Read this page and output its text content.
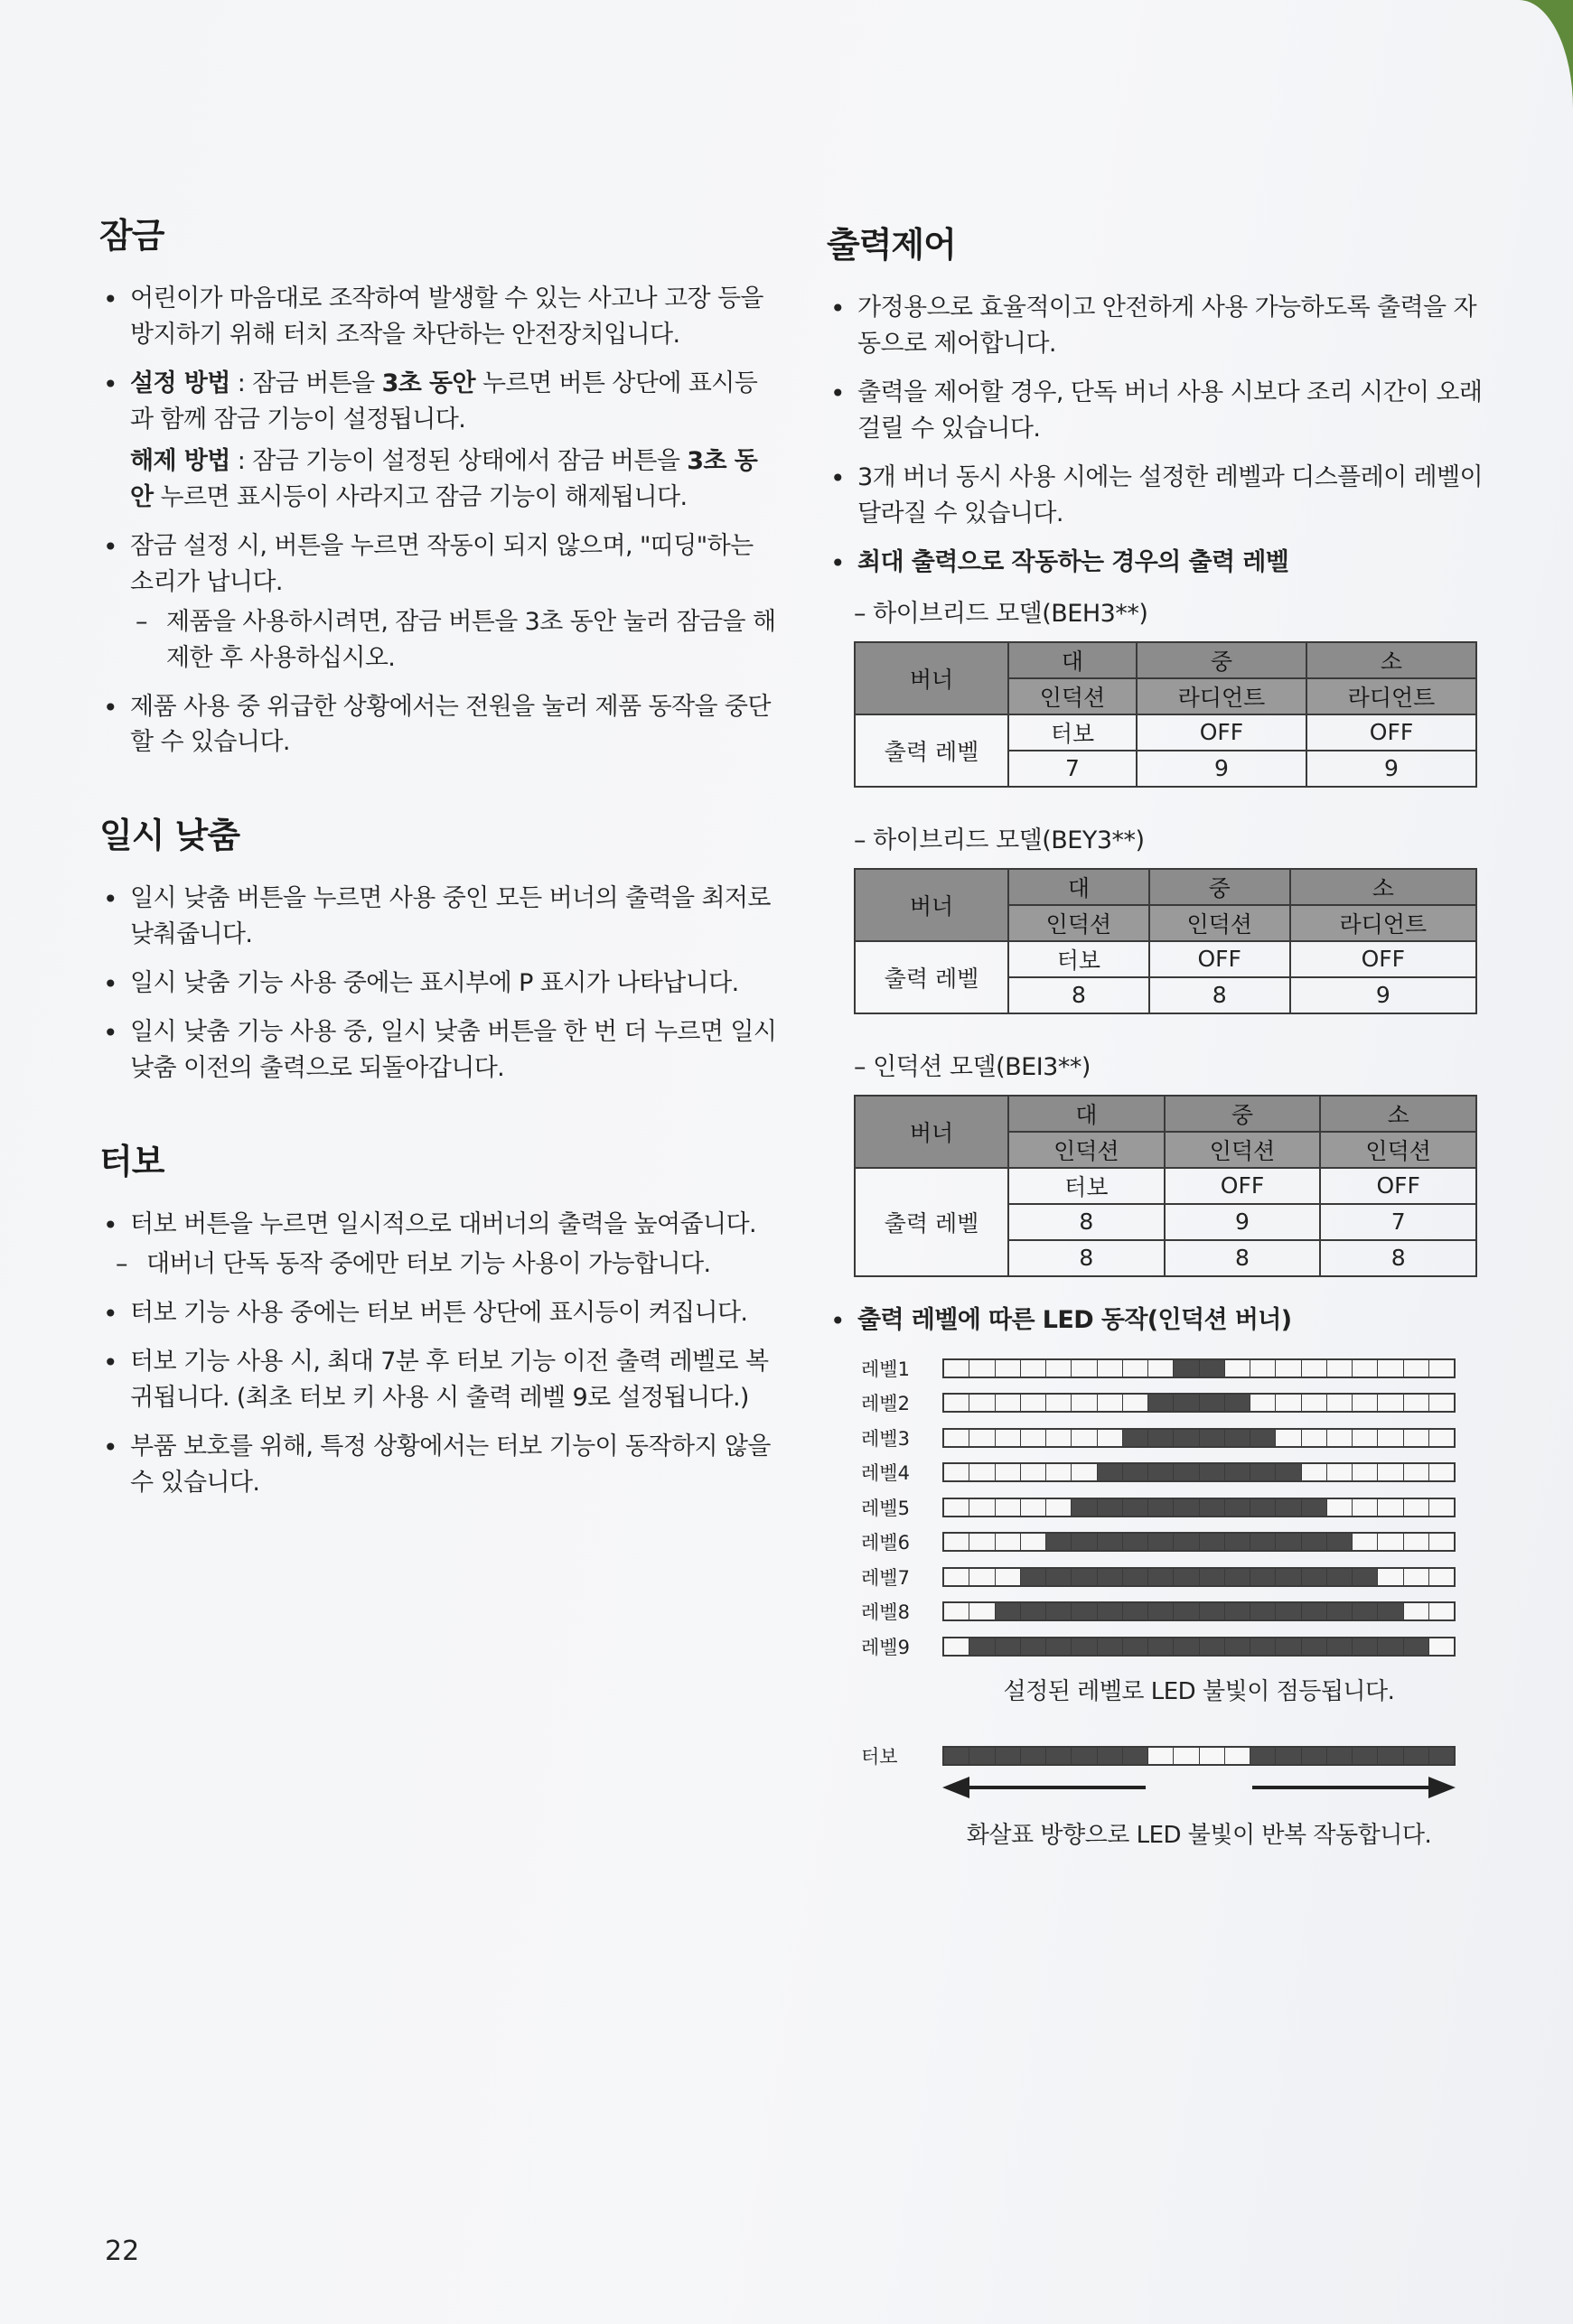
잠금
• 어린이가 마음대로 조작하여 발생할 수 있는 사고나 고장 등을 방지하기 위해 터치 조작을 차단하는 안전장치입니다.
• 설정 방법 : 잠금 버튼을 3초 동안 누르면 버튼 상단에 표시등과 함께 잠금 기능이 설정됩니다.
해제 방법 : 잠금 기능이 설정된 상태에서 잠금 버튼을 3초 동안 누르면 표시등이 사라지고 잠금 기능이 해제됩니다.
• 잠금 설정 시, 버튼을 누르면 작동이 되지 않으며, "띠딩"하는 소리가 납니다.
– 제품을 사용하시려면, 잠금 버튼을 3초 동안 눌러 잠금을 해제한 후 사용하십시오.
• 제품 사용 중 위급한 상황에서는 전원을 눌러 제품 동작을 중단할 수 있습니다.
일시 낮춤
• 일시 낮춤 버튼을 누르면 사용 중인 모든 버너의 출력을 최저로 낮춰줍니다.
• 일시 낮춤 기능 사용 중에는 표시부에 P 표시가 나타납니다.
• 일시 낮춤 기능 사용 중, 일시 낮춤 버튼을 한 번 더 누르면 일시 낮춤 이전의 출력으로 되돌아갑니다.
터보
• 터보 버튼을 누르면 일시적으로 대버너의 출력을 높여줍니다.
– 대버너 단독 동작 중에만 터보 기능 사용이 가능합니다.
• 터보 기능 사용 중에는 터보 버튼 상단에 표시등이 켜집니다.
• 터보 기능 사용 시, 최대 7분 후 터보 기능 이전 출력 레벨로 복귀됩니다. (최초 터보 키 사용 시 출력 레벨 9로 설정됩니다.)
• 부품 보호를 위해, 특정 상황에서는 터보 기능이 동작하지 않을 수 있습니다.
출력제어
• 가정용으로 효율적이고 안전하게 사용 가능하도록 출력을 자동으로 제어합니다.
• 출력을 제어할 경우, 단독 버너 사용 시보다 조리 시간이 오래 걸릴 수 있습니다.
• 3개 버너 동시 사용 시에는 설정한 레벨과 디스플레이 레벨이 달라질 수 있습니다.
• 최대 출력으로 작동하는 경우의 출력 레벨
– 하이브리드 모델(BEH3**)
버너	대	중	소
	인덕션	라디언트	라디언트
출력 레벨	터보	OFF	OFF
	7	9	9
– 하이브리드 모델(BEY3**)
버너	대	중	소
	인덕션	인덕션	라디언트
출력 레벨	터보	OFF	OFF
	8	8	9
– 인덕션 모델(BEI3**)
버너	대	중	소
	인덕션	인덕션	인덕션
출력 레벨	터보	OFF	OFF
	8	9	7
	8	8	8
• 출력 레벨에 따른 LED 동작(인덕션 버너)
레벨1
레벨2
레벨3
레벨4
레벨5
레벨6
레벨7
레벨8
레벨9
설정된 레벨로 LED 불빛이 점등됩니다.
터보
화살표 방향으로 LED 불빛이 반복 작동합니다.
22
